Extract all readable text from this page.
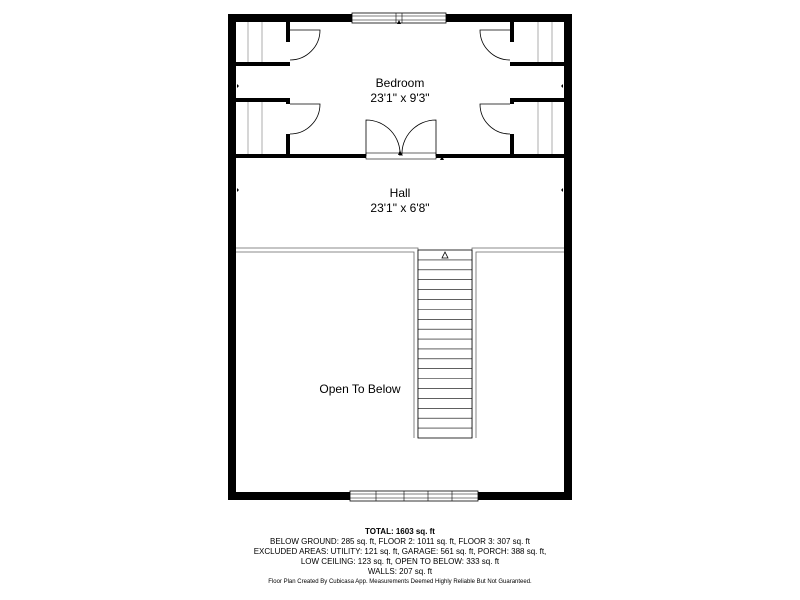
Bedroom
23'1" x 9'3"
Hall
23'1" x 6'8"
Open To Below
TOTAL: 1603 sq. ft
BELOW GROUND: 285 sq. ft, FLOOR 2: 1011 sq. ft, FLOOR 3: 307 sq. ft
EXCLUDED AREAS: UTILITY: 121 sq. ft, GARAGE: 561 sq. ft, PORCH: 388 sq. ft,
LOW CEILING: 123 sq. ft, OPEN TO BELOW: 333 sq. ft
WALLS: 207 sq. ft
Floor Plan Created By Cubicasa App. Measurements Deemed Highly Reliable But Not Guaranteed.
